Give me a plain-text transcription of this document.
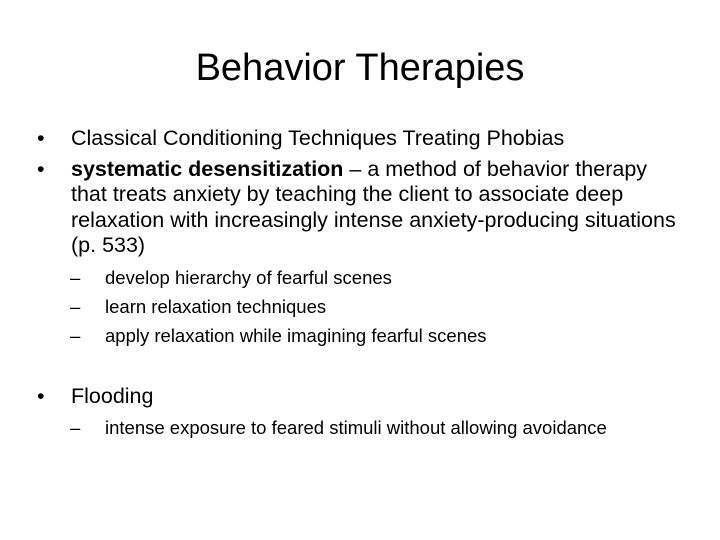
Behavior Therapies

• Classical Conditioning Techniques Treating Phobias

• systematic desensitization – a method of behavior therapy that treats anxiety by teaching the client to associate deep relaxation with increasingly intense anxiety-producing situations (p. 533)

– develop hierarchy of fearful scenes

– learn relaxation techniques

– apply relaxation while imagining fearful scenes

• Flooding

– intense exposure to feared stimuli without allowing avoidance
